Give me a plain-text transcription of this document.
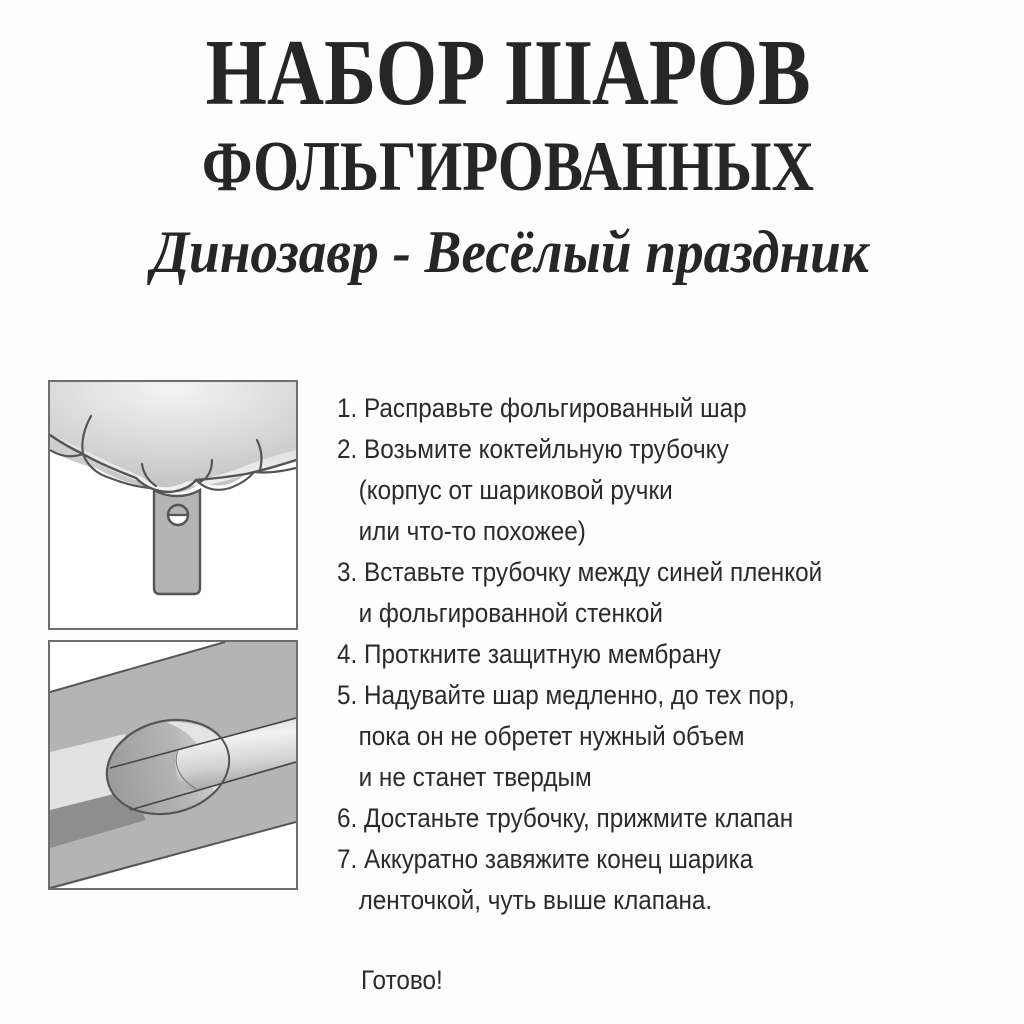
НАБОР ШАРОВ
ФОЛЬГИРОВАННЫХ
Динозавр - Весёлый праздник
1. Расправьте фольгированный шар
2. Возьмите коктейльную трубочку
(корпус от шариковой ручки
или что-то похожее)
3. Вставьте трубочку между синей пленкой
и фольгированной стенкой
4. Проткните защитную мембрану
5. Надувайте шар медленно, до тех пор,
пока он не обретет нужный объем
и не станет твердым
6. Достаньте трубочку, прижмите клапан
7. Аккуратно завяжите конец шарика
ленточкой, чуть выше клапана.
Готово!
